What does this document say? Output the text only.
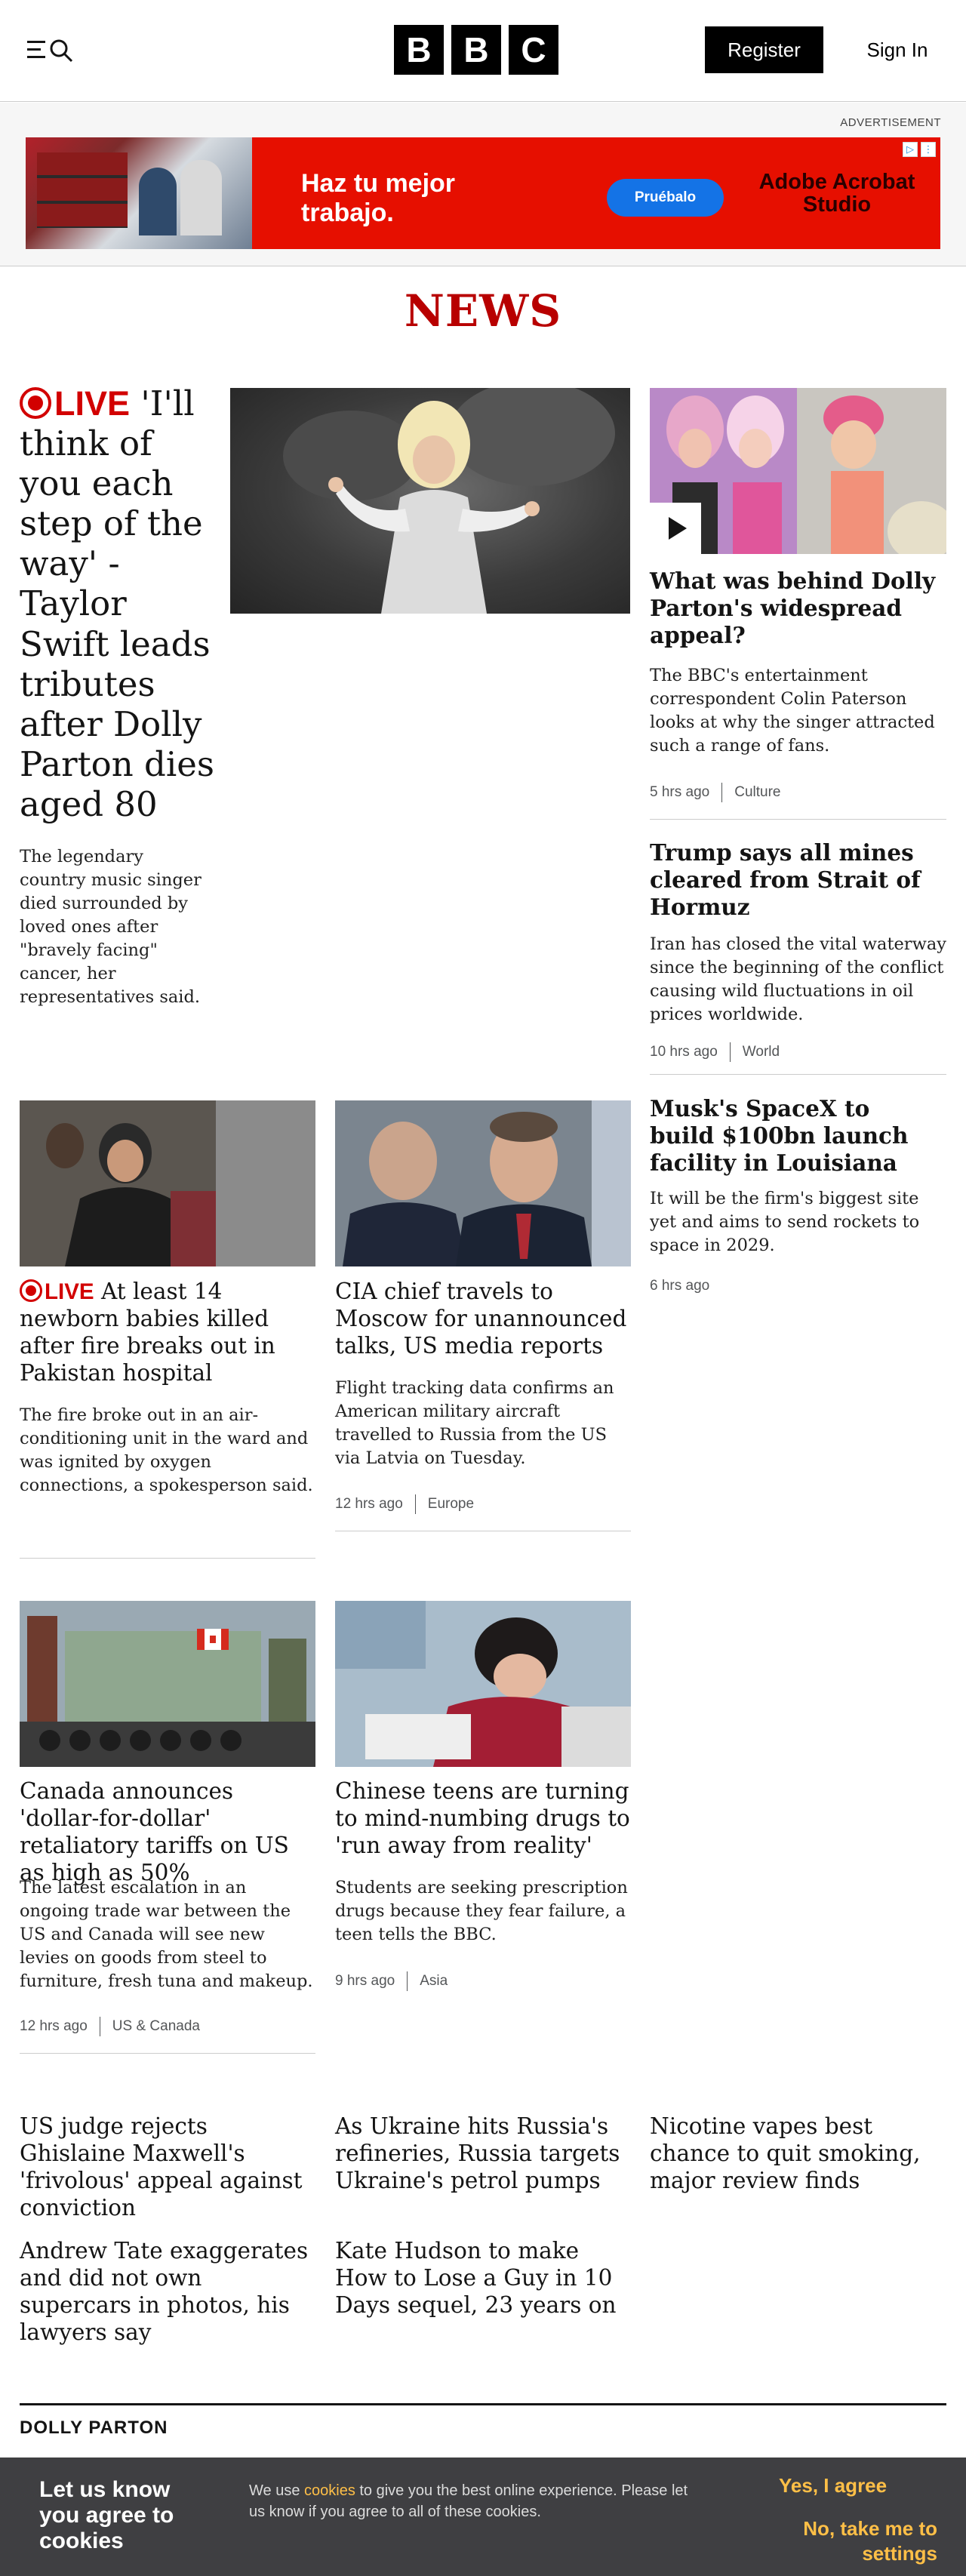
B B C	Register	Sign In
ADVERTISEMENT
Haz tu mejor trabajo.
Pruébalo
Adobe Acrobat Studio
▷ ⋮
NEWS
LIVE 'I'll think of you each step of the way' - Taylor Swift leads tributes after Dolly Parton dies aged 80
The legendary country music singer died surrounded by loved ones after "bravely facing" cancer, her representatives said.
What was behind Dolly Parton's widespread appeal?
The BBC's entertainment correspondent Colin Paterson looks at why the singer attracted such a range of fans.
5 hrs ago Culture
Trump says all mines cleared from Strait of Hormuz
Iran has closed the vital waterway since the beginning of the conflict causing wild fluctuations in oil prices worldwide.
10 hrs ago World
Musk's SpaceX to build $100bn launch facility in Louisiana
It will be the firm's biggest site yet and aims to send rockets to space in 2029.
6 hrs ago
LIVE At least 14 newborn babies killed after fire breaks out in Pakistan hospital
The fire broke out in an air-conditioning unit in the ward and was ignited by oxygen connections, a spokesperson said.
CIA chief travels to Moscow for unannounced talks, US media reports
Flight tracking data confirms an American military aircraft travelled to Russia from the US via Latvia on Tuesday.
12 hrs ago Europe
Canada announces 'dollar-for-dollar' retaliatory tariffs on US as high as 50%
The latest escalation in an ongoing trade war between the US and Canada will see new levies on goods from steel to furniture, fresh tuna and makeup.
12 hrs ago US & Canada
Chinese teens are turning to mind-numbing drugs to 'run away from reality'
Students are seeking prescription drugs because they fear failure, a teen tells the BBC.
9 hrs ago Asia
US judge rejects Ghislaine Maxwell's 'frivolous' appeal against conviction
As Ukraine hits Russia's refineries, Russia targets Ukraine's petrol pumps
Nicotine vapes best chance to quit smoking, major review finds
Andrew Tate exaggerates and did not own supercars in photos, his lawyers say
Kate Hudson to make How to Lose a Guy in 10 Days sequel, 23 years on
DOLLY PARTON
Let us know you agree to cookies
We use cookies to give you the best online experience. Please let us know if you agree to all of these cookies.
Yes, I agree
No, take me to settings
